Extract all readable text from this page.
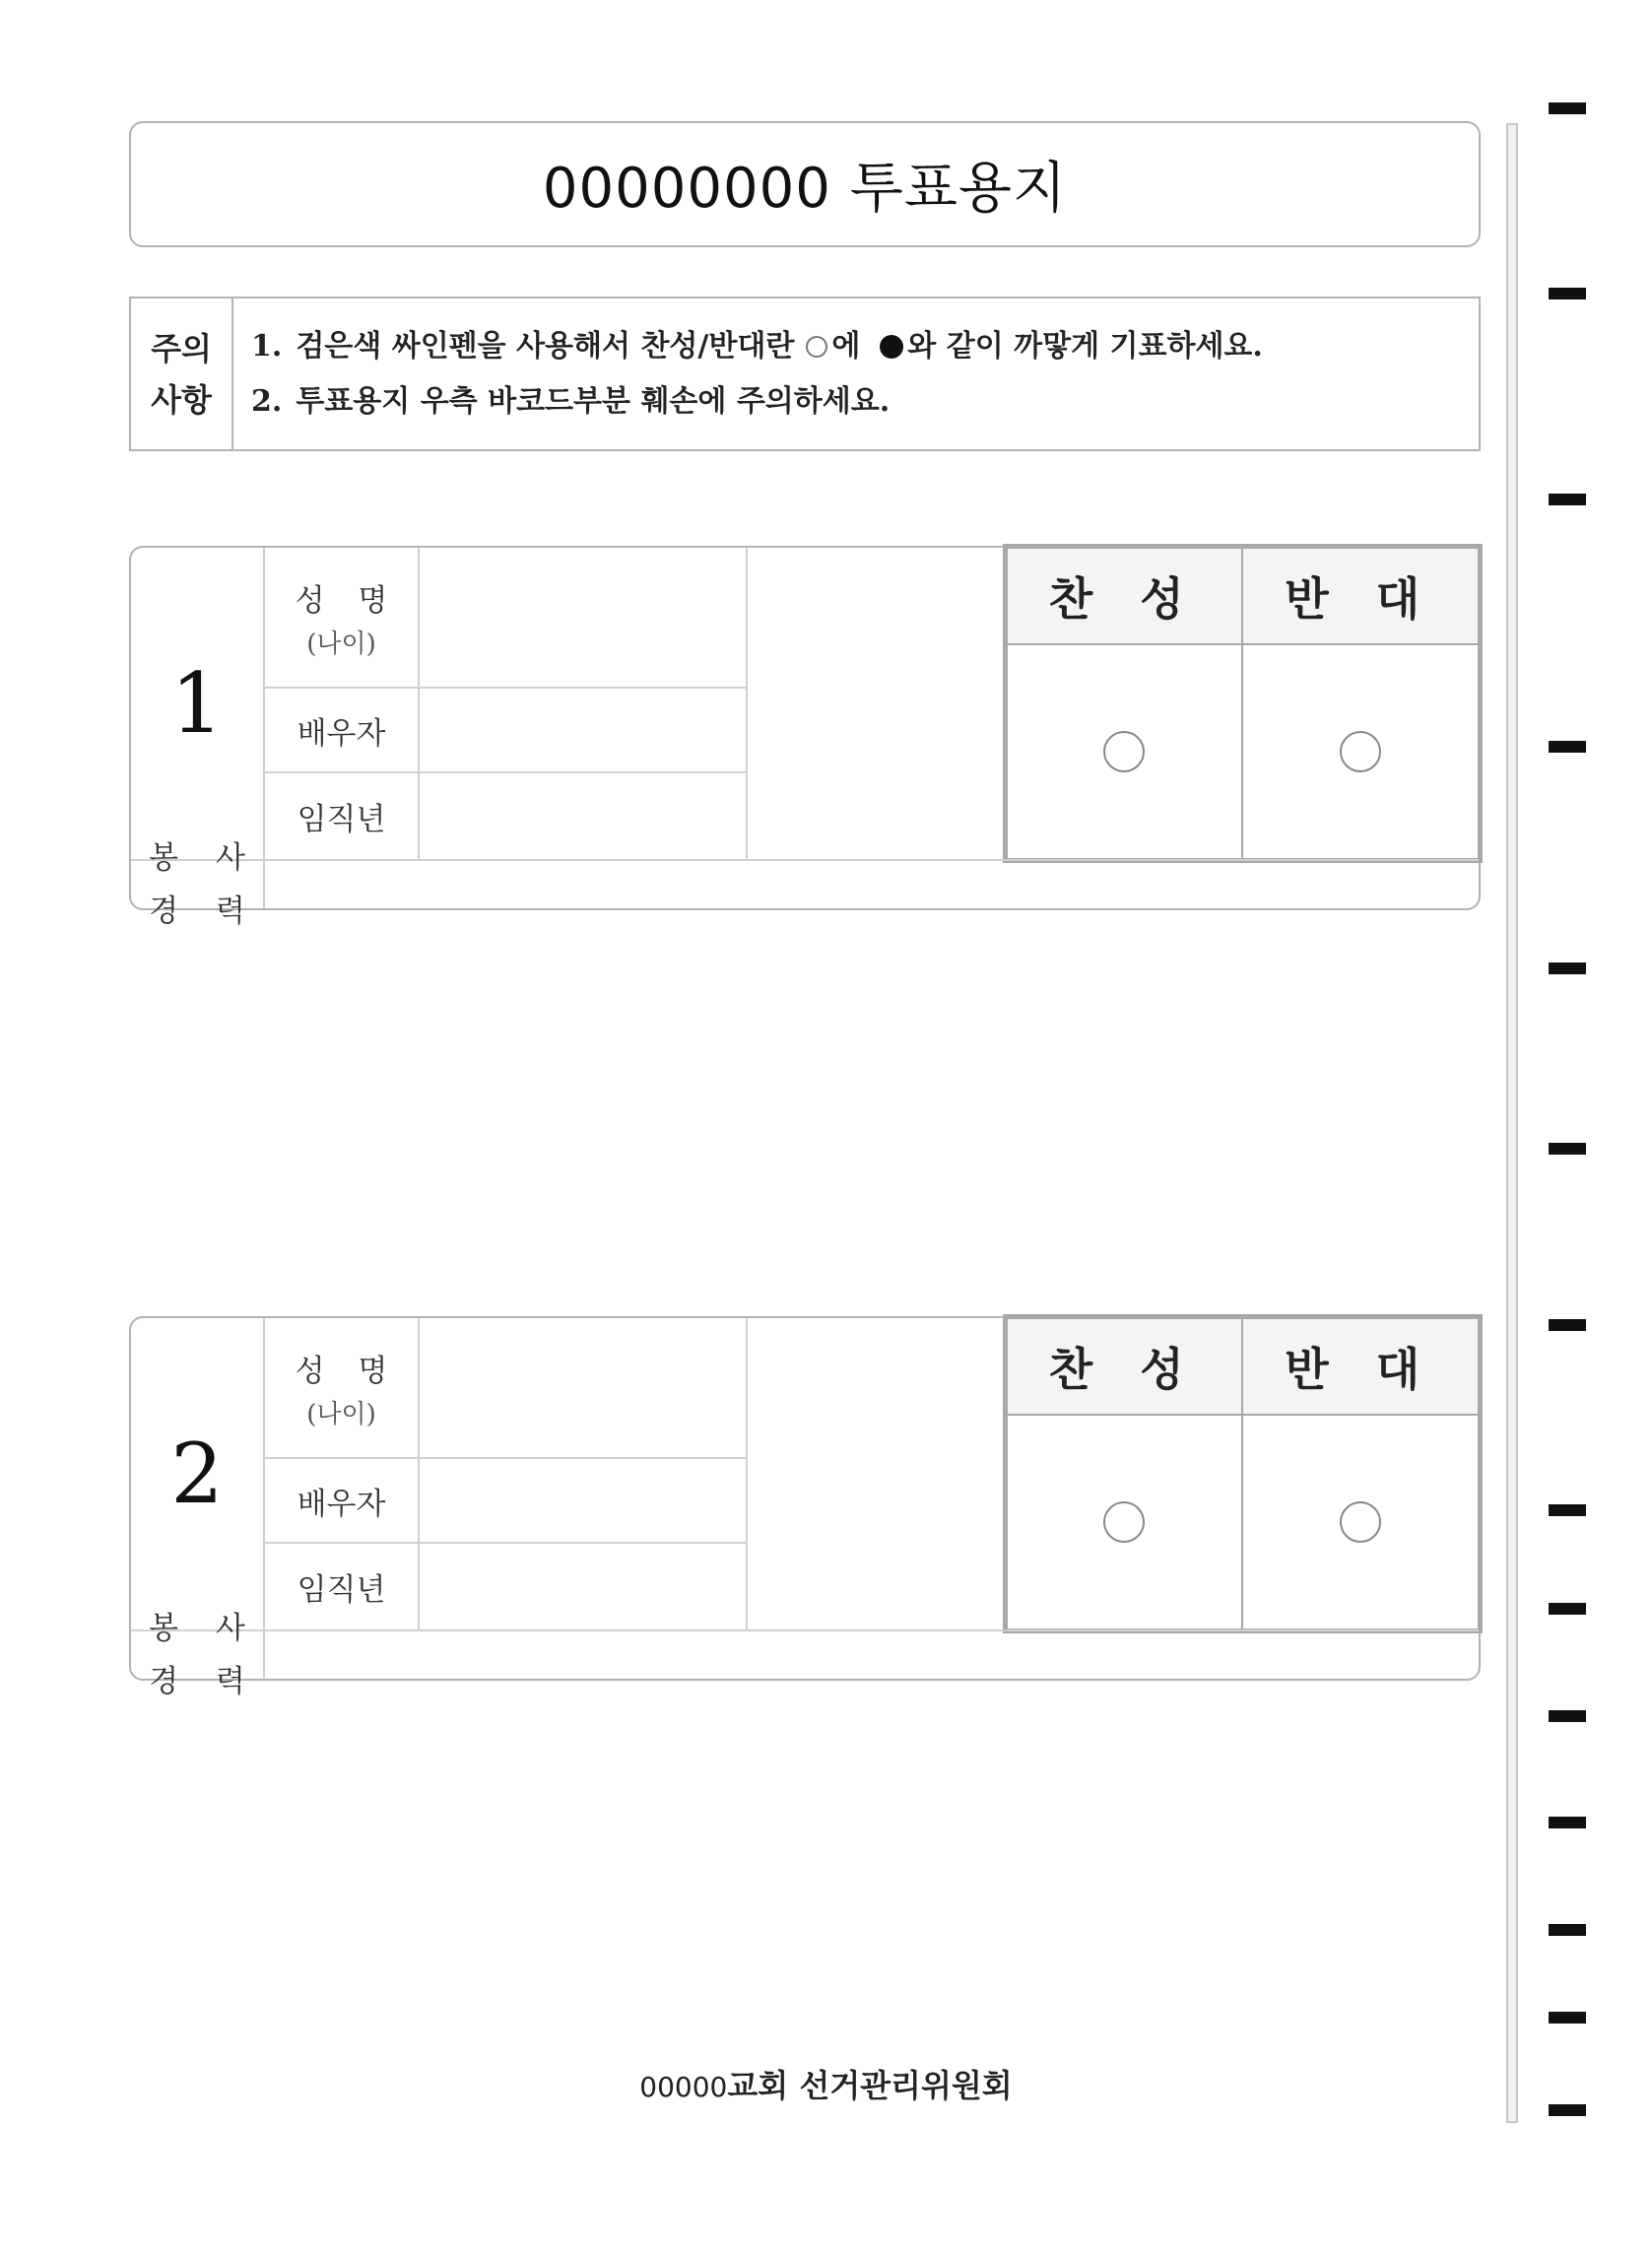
00000000 투표용지
주의
사항
1. 검은색 싸인펜을 사용해서 찬성/반대란 에 와 같이 까맣게 기표하세요.
2. 투표용지 우측 바코드부분 훼손에 주의하세요.
1
성 명
(나이)
배우자
임직년
찬 성 반 대
봉 사
경 력
2
성 명
(나이)
배우자
임직년
찬 성 반 대
봉 사
경 력
00000교회 선거관리위원회
